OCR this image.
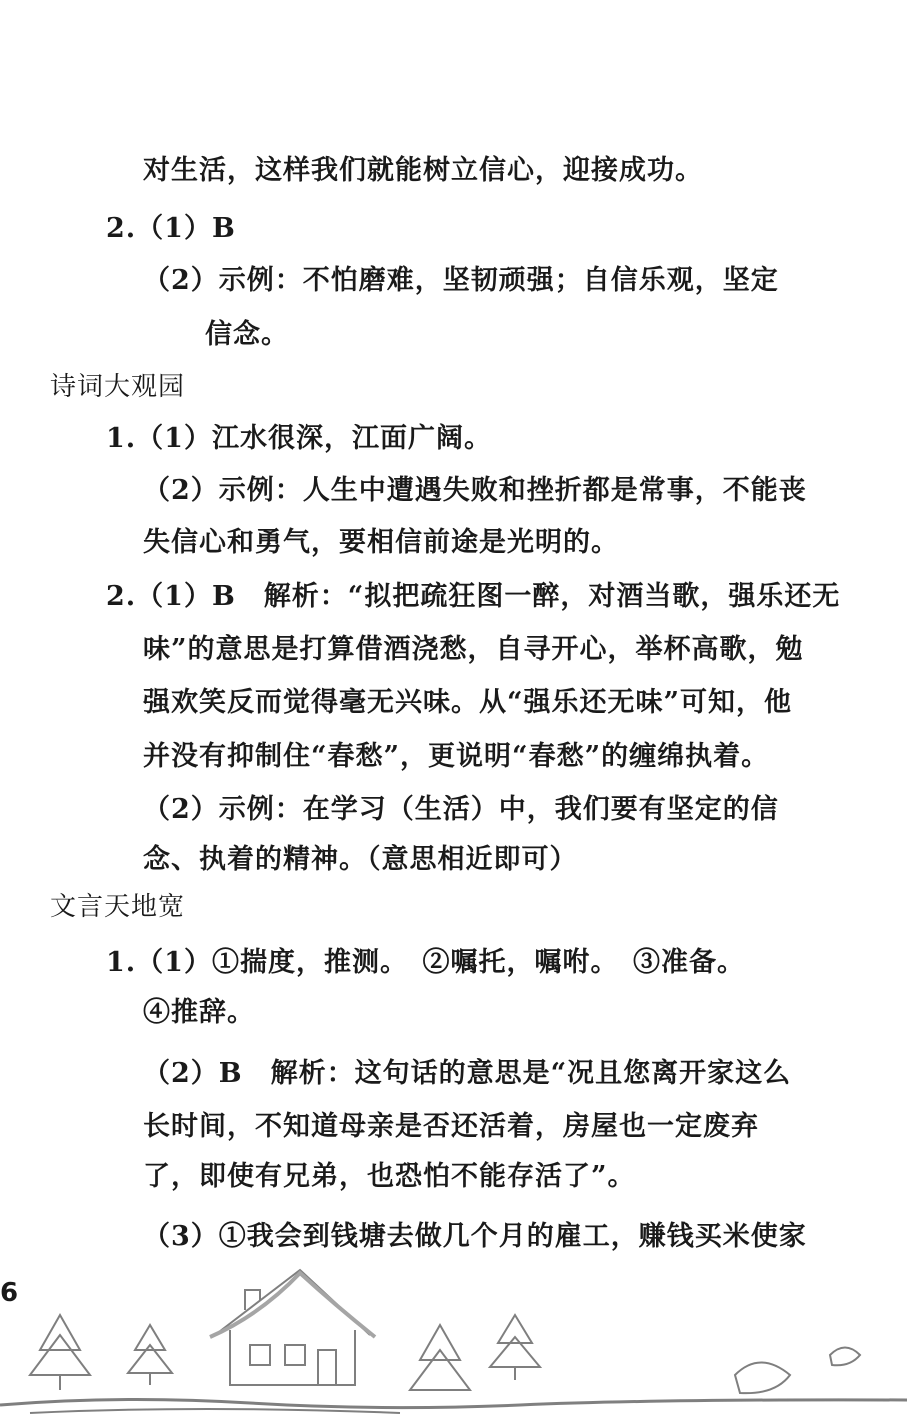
对生活，这样我们就能树立信心，迎接成功。
2.（1）B
（2）示例：不怕磨难，坚韧顽强；自信乐观，坚定
信念。
诗词大观园
1.（1）江水很深，江面广阔。
（2）示例：人生中遭遇失败和挫折都是常事，不能丧
失信心和勇气，要相信前途是光明的。
2.（1）B　解析：“拟把疏狂图一醉，对酒当歌，强乐还无
味”的意思是打算借酒浇愁，自寻开心，举杯高歌，勉
强欢笑反而觉得毫无兴味。从“强乐还无味”可知，他
并没有抑制住“春愁”，更说明“春愁”的缠绵执着。
（2）示例：在学习（生活）中，我们要有坚定的信
念、执着的精神。（意思相近即可）
文言天地宽
1.（1）①揣度，推测。　②嘱托，嘱咐。　③准备。
④推辞。
（2）B　解析：这句话的意思是“况且您离开家这么
长时间，不知道母亲是否还活着，房屋也一定废弃
了，即使有兄弟，也恐怕不能存活了”。
（3）①我会到钱塘去做几个月的雇工，赚钱买米使家
6
